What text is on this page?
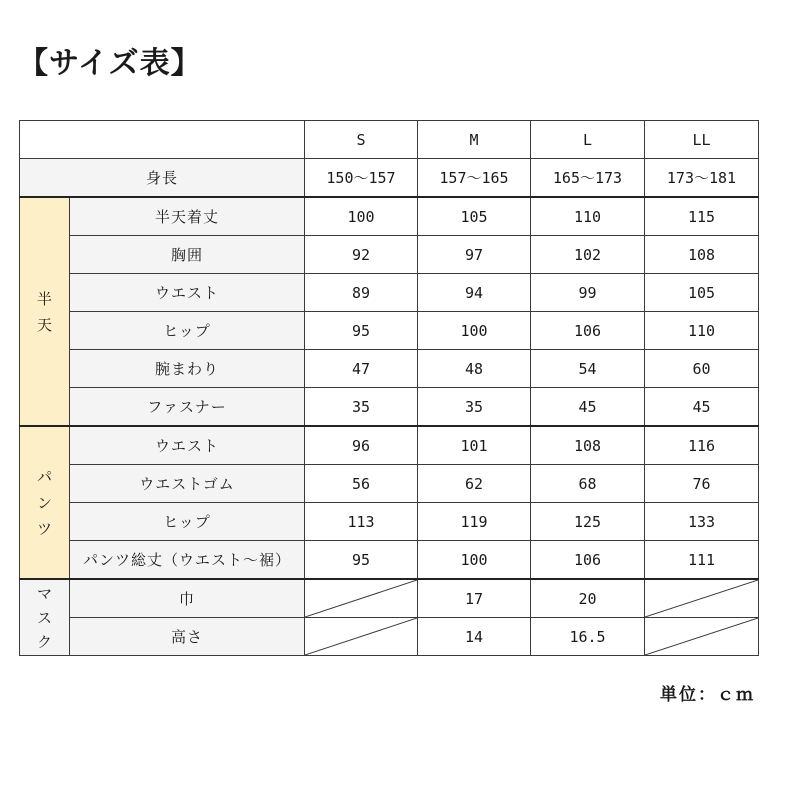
【サイズ表】
		S	M	L	LL
身長		150～157	157～165	165～173	173～181
半天	半天着丈	100	105	110	115
	胸囲	92	97	102	108
	ウエスト	89	94	99	105
	ヒップ	95	100	106	110
	腕まわり	47	48	54	60
	ファスナー	35	35	45	45
パンツ	ウエスト	96	101	108	116
	ウエストゴム	56	62	68	76
	ヒップ	113	119	125	133
	パンツ総丈（ウエスト～裾）	95	100	106	111
マスク	巾		17	20	

	高さ		14	16.5	
単位：ｃｍ
